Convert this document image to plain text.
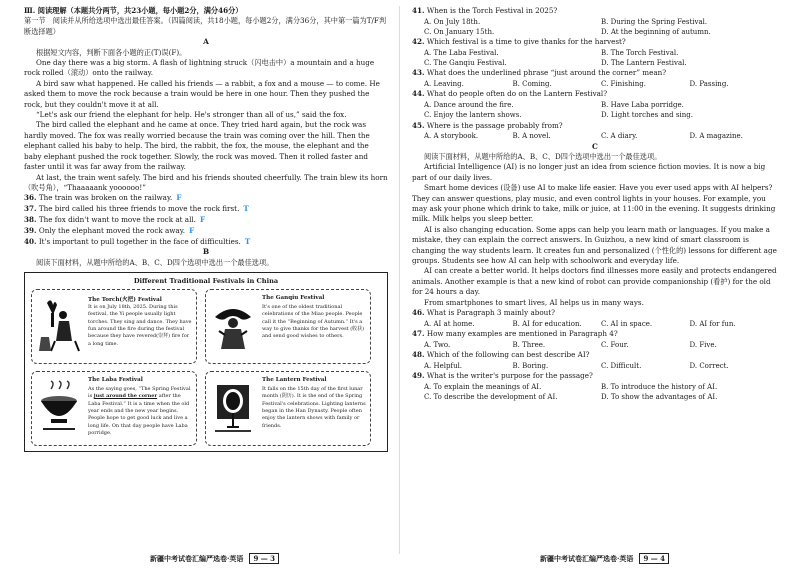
Ⅲ. 阅读理解（本题共分两节，共23小题，每小题2分，满分46分）

第一节　阅读并从所给选项中选出最佳答案。（四篇阅读，共18小题，每小题2分，满分36分，其中第一篇为T/F判断选择题）

A

根据短文内容，判断下面各小题的正(T)误(F)。

One day there was a big storm. A flash of lightning struck（闪电击中）a mountain and a huge rock rolled（滚动）onto the railway.

A bird saw what happened. He called his friends — a rabbit, a fox and a mouse — to come. He asked them to move the rock because a train would be here in one hour. Then they pushed the rock, but they couldn't move it at all.

“Let's ask our friend the elephant for help. He's stronger than all of us,” said the fox.

The bird called the elephant and he came at once. They tried hard again, but the rock was hardly moved. The fox was really worried because the train was coming over the hill. Then the elephant called his baby to help. The bird, the rabbit, the fox, the mouse, the elephant and the baby elephant pushed the rock together. Slowly, the rock was moved. Then it rolled faster and faster until it was far away from the railway.

At last, the train went safely. The bird and his friends shouted cheerfully. The train blew its horn（吹号角），“Thaaaaank yoooooo!”

36. The train was broken on the railway. F
37. The bird called his three friends to move the rock first. T
38. The fox didn't want to move the rock at all. F
39. Only the elephant moved the rock away. F
40. It's important to pull together in the face of difficulties. T

B

阅读下面材料，从题中所给的A、B、C、D四个选项中选出一个最佳选项。

Different Traditional Festivals in China
The Torch(火把) Festival
It is on July 18th, 2025. During this festival, the Yi people usually light torches. They sing and dance. They have fun around the fire during the festival because they have revered(崇拜) fire for a long time.
The Ganqiu Festival
It's one of the oldest traditional celebrations of the Miao people. People call it the “Beginning of Autumn.” It's a way to give thanks for the harvest (收获) and send good wishes to others.
The Laba Festival
As the saying goes, “The Spring Festival is just around the corner after the Laba Festival.” It is a time when the old year ends and the new year begins. People hope to get good luck and live a long life. On that day people have Laba porridge.
The Lantern Festival
It falls on the 15th day of the first lunar month (阴历). It is the end of the Spring Festival's celebrations. Lighting lanterns began in the Han Dynasty. People often enjoy the lantern shows with family or friends.
新疆中考试卷汇编严选卷·英语	9 — 3
41. When is the Torch Festival in 2025?
A. On July 18th.	B. During the Spring Festival.
C. On January 15th.	D. At the beginning of autumn.
42. Which festival is a time to give thanks for the harvest?
A. The Laba Festival.	B. The Torch Festival.
C. The Ganqiu Festival.	D. The Lantern Festival.
43. What does the underlined phrase “just around the corner” mean?
A. Leaving.	B. Coming.	C. Finishing.	D. Passing.
44. What do people often do on the Lantern Festival?
A. Dance around the fire.	B. Have Laba porridge.
C. Enjoy the lantern shows.	D. Light torches and sing.
45. Where is the passage probably from?
A. A storybook.	B. A novel.	C. A diary.	D. A magazine.

C

阅读下面材料，从题中所给的A、B、C、D四个选项中选出一个最佳选项。

Artificial Intelligence (AI) is no longer just an idea from science fiction movies. It is now a big part of our daily lives.

Smart home devices (设备) use AI to make life easier. Have you ever used apps with AI helpers? They can answer questions, play music, and even control lights in your houses. For example, you may ask your phone which drink to take, milk or juice, at 11:00 in the evening. It suggests drinking milk. Milk helps you sleep better.

AI is also changing education. Some apps can help you learn math or languages. If you make a mistake, they can explain the correct answers. In Guizhou, a new kind of smart classroom is changing the way students learn. It creates fun and personalized (个性化的) lessons for different age groups. Students see how AI can help with schoolwork and everyday life.

AI can create a better world. It helps doctors find illnesses more easily and protects endangered animals. Another example is that a new kind of robot can provide companionship (看护) for the old for 24 hours a day.

From smartphones to smart lives, AI helps us in many ways.

46. What is Paragraph 3 mainly about?
A. AI at home.	B. AI for education.	C. AI in space.	D. AI for fun.
47. How many examples are mentioned in Paragraph 4?
A. Two.	B. Three.	C. Four.	D. Five.
48. Which of the following can best describe AI?
A. Helpful.	B. Boring.	C. Difficult.	D. Correct.
49. What is the writer's purpose for the passage?
A. To explain the meanings of AI.	B. To introduce the history of AI.
C. To describe the development of AI.	D. To show the advantages of AI.
新疆中考试卷汇编严选卷·英语	9 — 4
